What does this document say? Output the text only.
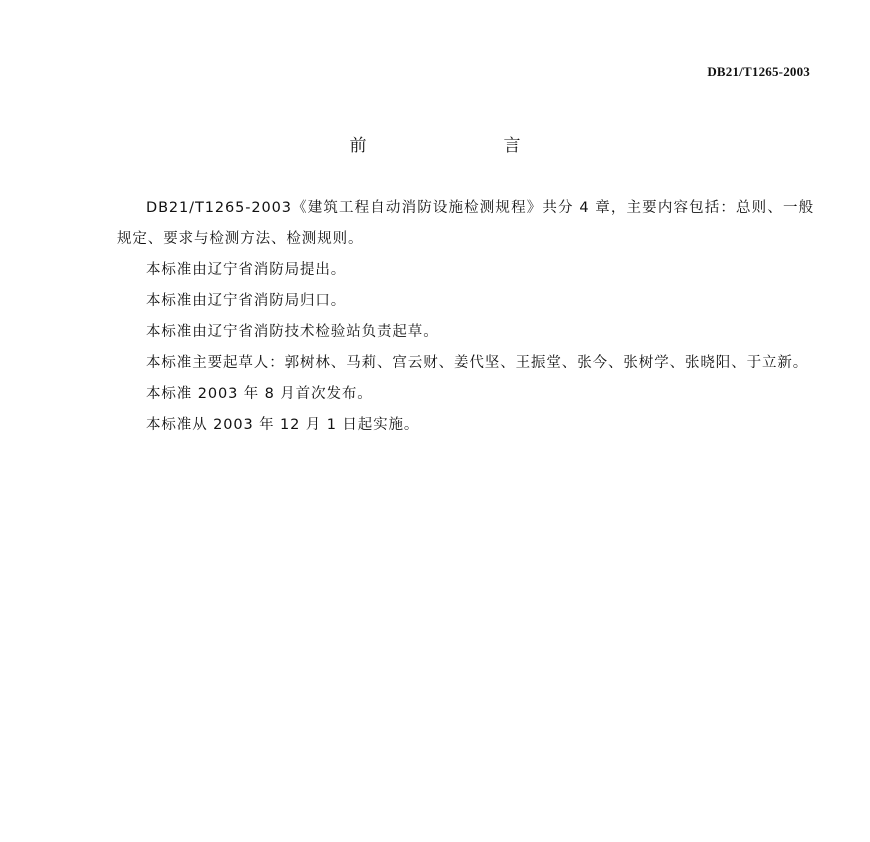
DB21/T1265-2003
前　言

DB21/T1265-2003《建筑工程自动消防设施检测规程》共分 4 章，主要内容包括：总则、一般规定、要求与检测方法、检测规则。

本标准由辽宁省消防局提出。

本标准由辽宁省消防局归口。

本标准由辽宁省消防技术检验站负责起草。

本标准主要起草人：郭树林、马莉、宫云财、姜代坚、王振堂、张今、张树学、张晓阳、于立新。

本标准 2003 年 8 月首次发布。

本标准从 2003 年 12 月 1 日起实施。
